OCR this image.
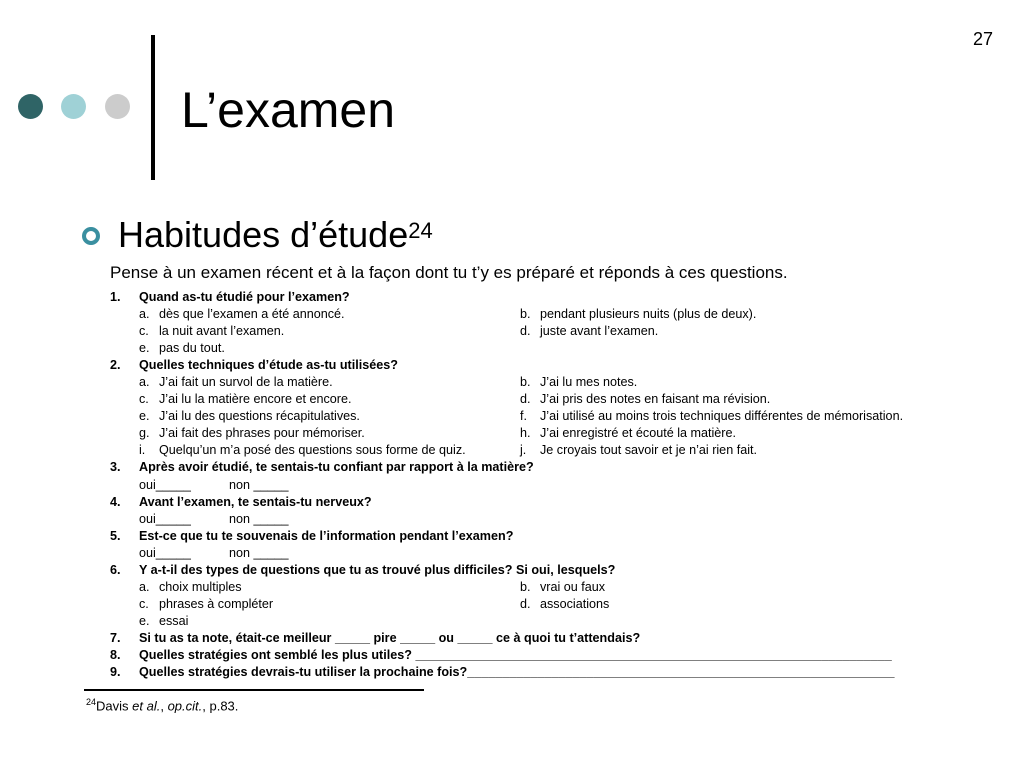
27
L’examen
Habitudes d’étude$^{24}$
Pense à un examen récent et à la façon dont tu t’y es préparé et réponds à ces questions.
1. Quand as-tu étudié pour l’examen?
a. dès que l’examen a été annoncé.	b. pendant plusieurs nuits (plus de deux).
c. la nuit avant l’examen.	d. juste avant l’examen.
e. pas du tout.
2. Quelles techniques d’étude as-tu utilisées?
a. J’ai fait un survol de la matière.	b. J’ai lu mes notes.
c. J’ai lu la matière encore et encore.	d. J’ai pris des notes en faisant ma révision.
e. J’ai lu des questions récapitulatives.	f. J’ai utilisé au moins trois techniques différentes de mémorisation.
g. J’ai fait des phrases pour mémoriser.	h. J’ai enregistré et écouté la matière.
i. Quelqu’un m’a posé des questions sous forme de quiz.	j. Je croyais tout savoir et je n’ai rien fait.
3. Après avoir étudié, te sentais-tu confiant par rapport à la matière?
oui_____	non _____
4. Avant l’examen, te sentais-tu nerveux?
oui_____	non _____
5. Est-ce que tu te souvenais de l’information pendant l’examen?
oui_____	non _____
6. Y a-t-il des types de questions que tu as trouvé plus difficiles? Si oui, lesquels?
a. choix multiples	b. vrai ou faux
c. phrases à compléter	d. associations
e. essai
7. Si tu as ta note, était-ce meilleur _____ pire _____ ou _____ ce à quoi tu t’attendais?
8. Quelles stratégies ont semblé les plus utiles? ____________________________________________________________________
9. Quelles stratégies devrais-tu utiliser la prochaine fois?_____________________________________________________________
$^{24}$Davis et al., op.cit., p.83.
